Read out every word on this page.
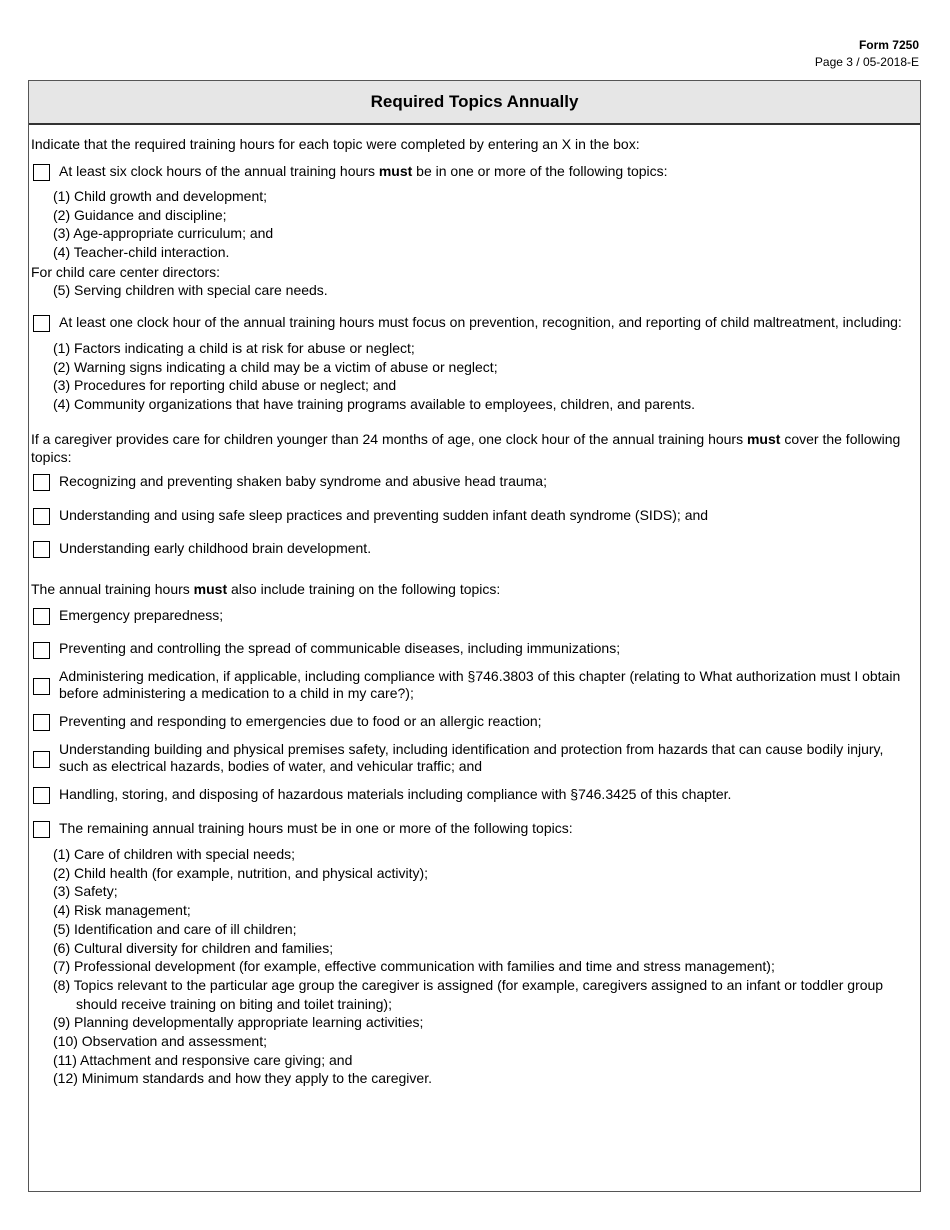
Form 7250
Page 3 / 05-2018-E
Required Topics Annually
Indicate that the required training hours for each topic were completed by entering an X in the box:
At least six clock hours of the annual training hours must be in one or more of the following topics:
(1) Child growth and development;
(2) Guidance and discipline;
(3) Age-appropriate curriculum; and
(4) Teacher-child interaction.
For child care center directors:
(5) Serving children with special care needs.
At least one clock hour of the annual training hours must focus on prevention, recognition, and reporting of child maltreatment, including:
(1) Factors indicating a child is at risk for abuse or neglect;
(2) Warning signs indicating a child may be a victim of abuse or neglect;
(3) Procedures for reporting child abuse or neglect; and
(4) Community organizations that have training programs available to employees, children, and parents.
If a caregiver provides care for children younger than 24 months of age, one clock hour of the annual training hours must cover the following topics:
Recognizing and preventing shaken baby syndrome and abusive head trauma;
Understanding and using safe sleep practices and preventing sudden infant death syndrome (SIDS); and
Understanding early childhood brain development.
The annual training hours must also include training on the following topics:
Emergency preparedness;
Preventing and controlling the spread of communicable diseases, including immunizations;
Administering medication, if applicable, including compliance with §746.3803 of this chapter (relating to What authorization must I obtain before administering a medication to a child in my care?);
Preventing and responding to emergencies due to food or an allergic reaction;
Understanding building and physical premises safety, including identification and protection from hazards that can cause bodily injury, such as electrical hazards, bodies of water, and vehicular traffic; and
Handling, storing, and disposing of hazardous materials including compliance with §746.3425 of this chapter.
The remaining annual training hours must be in one or more of the following topics:
(1) Care of children with special needs;
(2) Child health (for example, nutrition, and physical activity);
(3) Safety;
(4) Risk management;
(5) Identification and care of ill children;
(6) Cultural diversity for children and families;
(7) Professional development (for example, effective communication with families and time and stress management);
(8) Topics relevant to the particular age group the caregiver is assigned (for example, caregivers assigned to an infant or toddler group should receive training on biting and toilet training);
(9) Planning developmentally appropriate learning activities;
(10) Observation and assessment;
(11) Attachment and responsive care giving; and
(12) Minimum standards and how they apply to the caregiver.
